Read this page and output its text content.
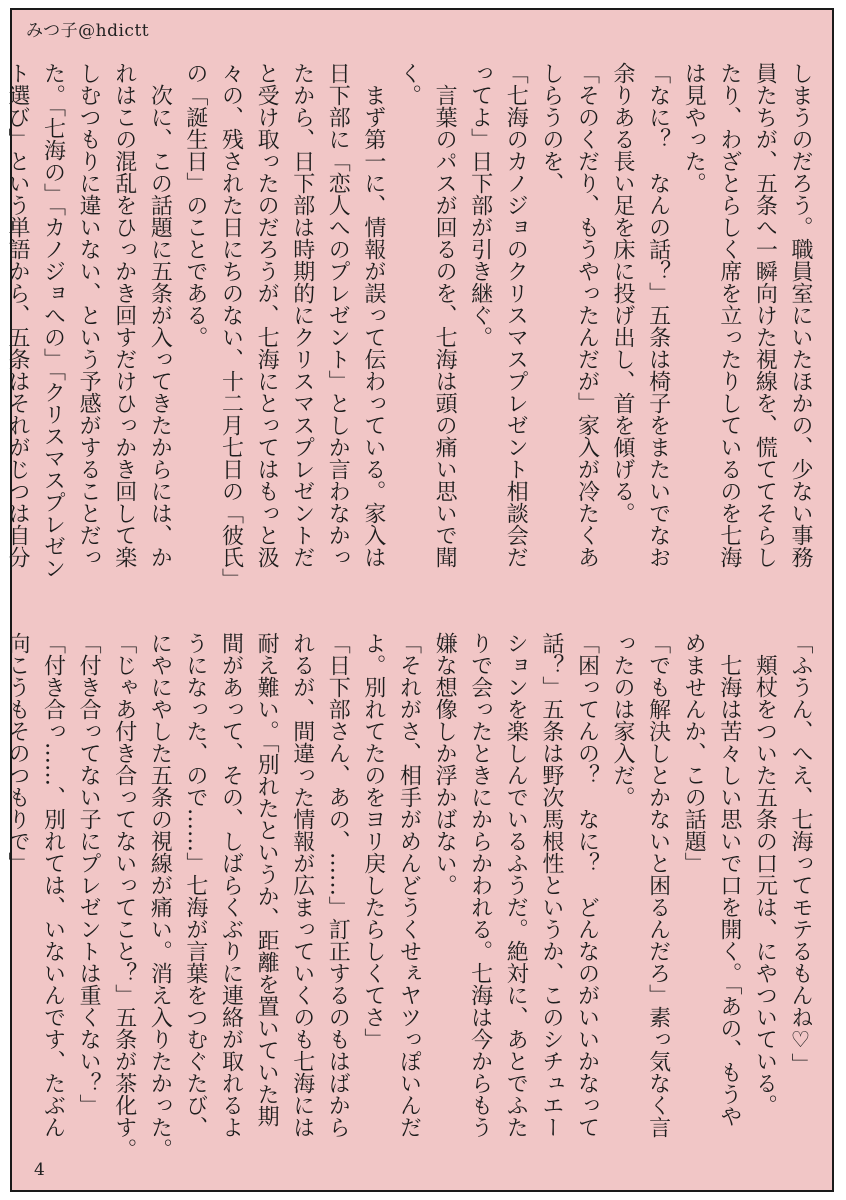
みつ子@hdictt
しまうのだろう。職員室にいたほかの、少ない事務
員たちが、五条へ一瞬向けた視線を、慌ててそらし
たり、わざとらしく席を立ったりしているのを七海
は見やった。
「なに？　なんの話？」五条は椅子をまたいでなお
余りある長い足を床に投げ出し、首を傾げる。
「そのくだり、もうやったんだが」家入が冷たくあ
しらうのを、
「七海のカノジョのクリスマスプレゼント相談会だ
ってよ」日下部が引き継ぐ。
　言葉のパスが回るのを、七海は頭の痛い思いで聞
く。
　まず第一に、情報が誤って伝わっている。家入は
日下部に「恋人へのプレゼント」としか言わなかっ
たから、日下部は時期的にクリスマスプレゼントだ
と受け取ったのだろうが、七海にとってはもっと汲
々の、残された日にちのない、十二月七日の「彼氏」
の「誕生日」のことである。
　次に、この話題に五条が入ってきたからには、か
れはこの混乱をひっかき回すだけひっかき回して楽
しむつもりに違いない、という予感がすることだっ
た。「七海の」「カノジョへの」「クリスマスプレゼン
ト選び」という単語から、五条はそれがじつは自分
「ふうん、へえ、七海ってモテるもんね♡」
　頬杖をついた五条の口元は、にやついている。
　七海は苦々しい思いで口を開く。「あの、もうや
めませんか、この話題」
「でも解決しとかないと困るんだろ」素っ気なく言
ったのは家入だ。
「困ってんの？　なに？　どんなのがいいかなって
話？」五条は野次馬根性というか、このシチュエー
ションを楽しんでいるふうだ。絶対に、あとでふた
りで会ったときにからかわれる。七海は今からもう
嫌な想像しか浮かばない。
「それがさ、相手がめんどうくせぇヤツっぽいんだ
よ。別れてたのをヨリ戻したらしくてさ」
「日下部さん、あの、……」訂正するのもはばから
れるが、間違った情報が広まっていくのも七海には
耐え難い。「別れたというか、距離を置いていた期
間があって、その、しばらくぶりに連絡が取れるよ
うになった、ので……」七海が言葉をつむぐたび、
にやにやした五条の視線が痛い。消え入りたかった。
「じゃあ付き合ってないってこと？」五条が茶化す。
「付き合ってない子にプレゼントは重くない？」
「付き合っ……、別れては、いないんです、たぶん
向こうもそのつもりで」
4
